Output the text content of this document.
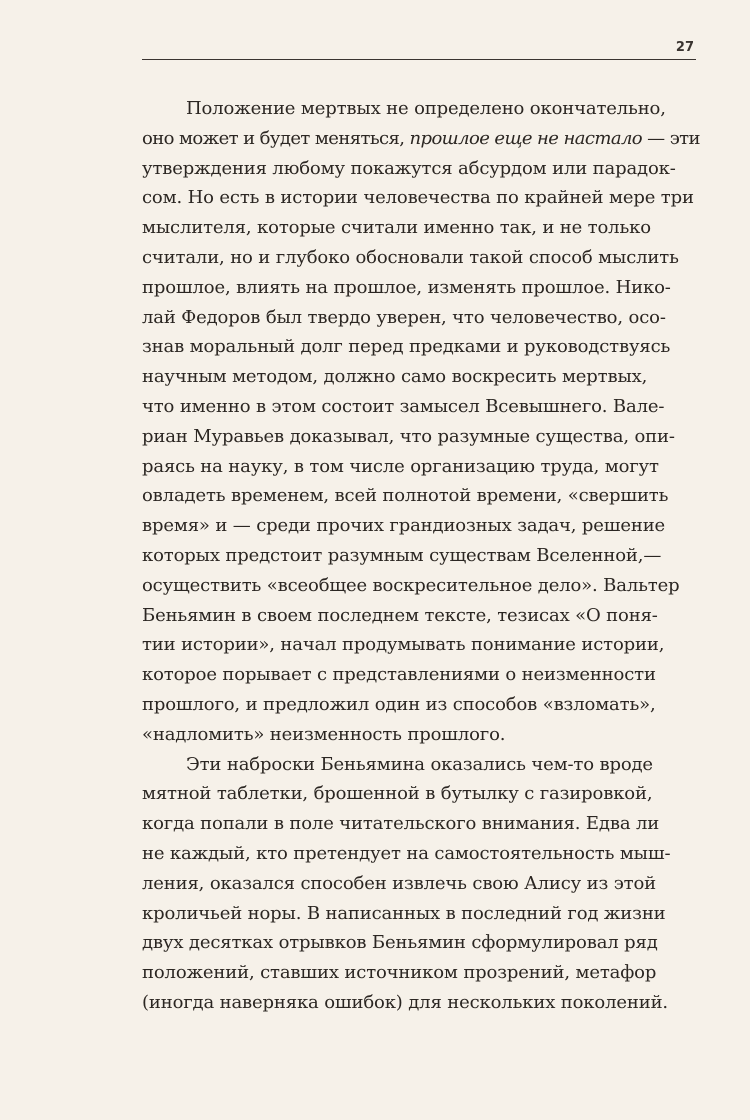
27
Положение мертвых не определено окончательно,
оно может и будет меняться, прошлое еще не настало — эти
утверждения любому покажутся абсурдом или парадок-
сом. Но есть в истории человечества по крайней мере три
мыслителя, которые считали именно так, и не только
считали, но и глубоко обосновали такой способ мыслить
прошлое, влиять на прошлое, изменять прошлое. Нико-
лай Федоров был твердо уверен, что человечество, осо-
знав моральный долг перед предками и руководствуясь
научным методом, должно само воскресить мертвых,
что именно в этом состоит замысел Всевышнего. Вале-
риан Муравьев доказывал, что разумные существа, опи-
раясь на науку, в том числе организацию труда, могут
овладеть временем, всей полнотой времени, «свершить
время» и — среди прочих грандиозных задач, решение
которых предстоит разумным существам Вселенной,—
осуществить «всеобщее воскресительное дело». Вальтер
Беньямин в своем последнем тексте, тезисах «О поня-
тии истории», начал продумывать понимание истории,
которое порывает с представлениями о неизменности
прошлого, и предложил один из способов «взломать»,
«надломить» неизменность прошлого.
Эти наброски Беньямина оказались чем-то вроде
мятной таблетки, брошенной в бутылку с газировкой,
когда попали в поле читательского внимания. Едва ли
не каждый, кто претендует на самостоятельность мыш-
ления, оказался способен извлечь свою Алису из этой
кроличьей норы. В написанных в последний год жизни
двух десятках отрывков Беньямин сформулировал ряд
положений, ставших источником прозрений, метафор
(иногда наверняка ошибок) для нескольких поколений.
